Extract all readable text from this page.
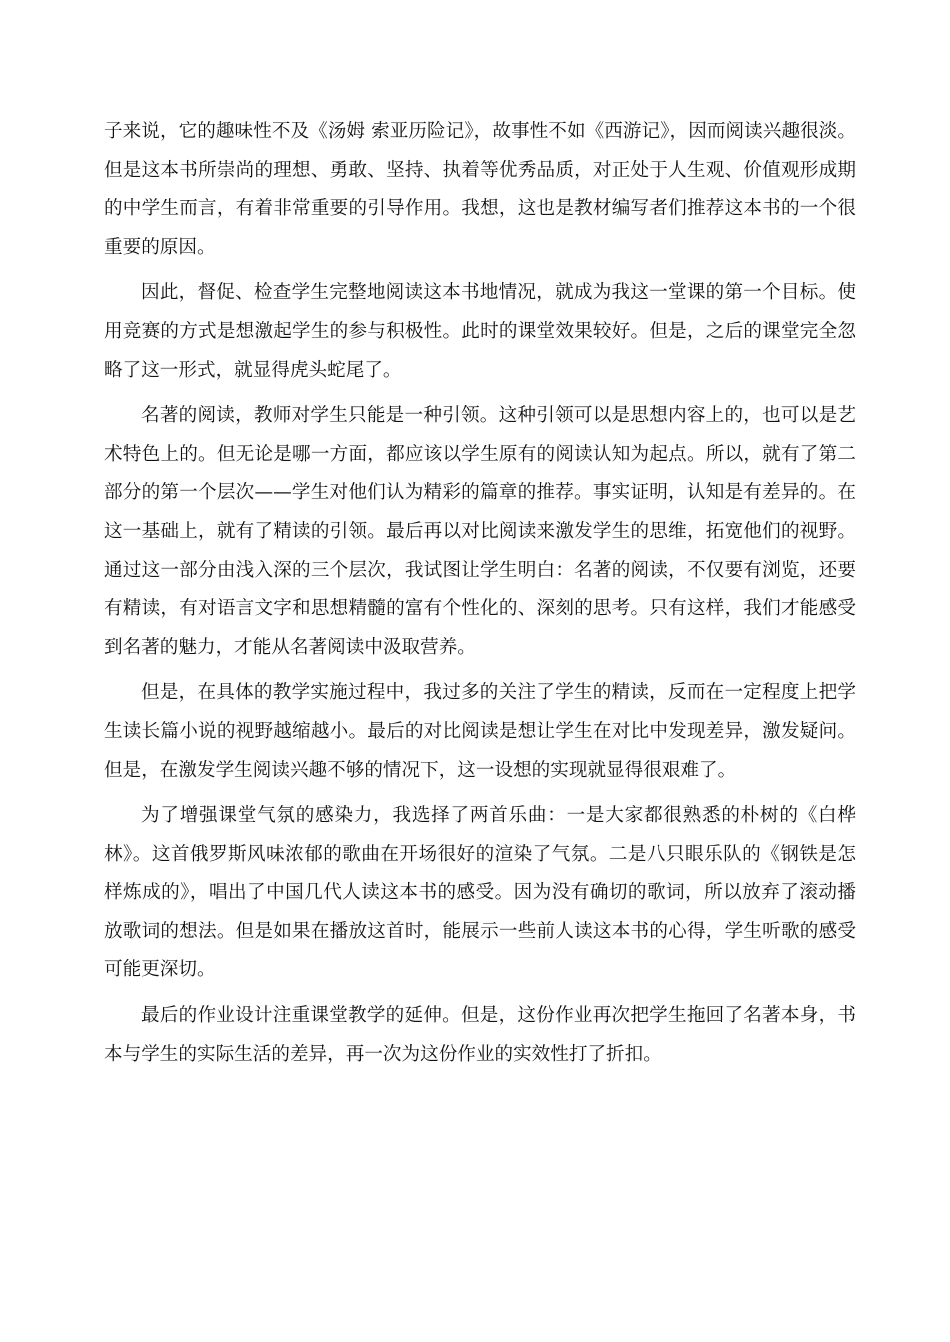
子来说，它的趣味性不及《汤姆 索亚历险记》，故事性不如《西游记》，因而阅读兴趣很淡。但是这本书所崇尚的理想、勇敢、坚持、执着等优秀品质，对正处于人生观、价值观形成期的中学生而言，有着非常重要的引导作用。我想，这也是教材编写者们推荐这本书的一个很重要的原因。

因此，督促、检查学生完整地阅读这本书地情况，就成为我这一堂课的第一个目标。使用竞赛的方式是想激起学生的参与积极性。此时的课堂效果较好。但是，之后的课堂完全忽略了这一形式，就显得虎头蛇尾了。

名著的阅读，教师对学生只能是一种引领。这种引领可以是思想内容上的，也可以是艺术特色上的。但无论是哪一方面，都应该以学生原有的阅读认知为起点。所以，就有了第二部分的第一个层次——学生对他们认为精彩的篇章的推荐。事实证明，认知是有差异的。在这一基础上，就有了精读的引领。最后再以对比阅读来激发学生的思维，拓宽他们的视野。通过这一部分由浅入深的三个层次，我试图让学生明白：名著的阅读，不仅要有浏览，还要有精读，有对语言文字和思想精髓的富有个性化的、深刻的思考。只有这样，我们才能感受到名著的魅力，才能从名著阅读中汲取营养。

但是，在具体的教学实施过程中，我过多的关注了学生的精读，反而在一定程度上把学生读长篇小说的视野越缩越小。最后的对比阅读是想让学生在对比中发现差异，激发疑问。但是，在激发学生阅读兴趣不够的情况下，这一设想的实现就显得很艰难了。

为了增强课堂气氛的感染力，我选择了两首乐曲：一是大家都很熟悉的朴树的《白桦林》。这首俄罗斯风味浓郁的歌曲在开场很好的渲染了气氛。二是八只眼乐队的《钢铁是怎样炼成的》，唱出了中国几代人读这本书的感受。因为没有确切的歌词，所以放弃了滚动播放歌词的想法。但是如果在播放这首时，能展示一些前人读这本书的心得，学生听歌的感受可能更深切。

最后的作业设计注重课堂教学的延伸。但是，这份作业再次把学生拖回了名著本身，书本与学生的实际生活的差异，再一次为这份作业的实效性打了折扣。
